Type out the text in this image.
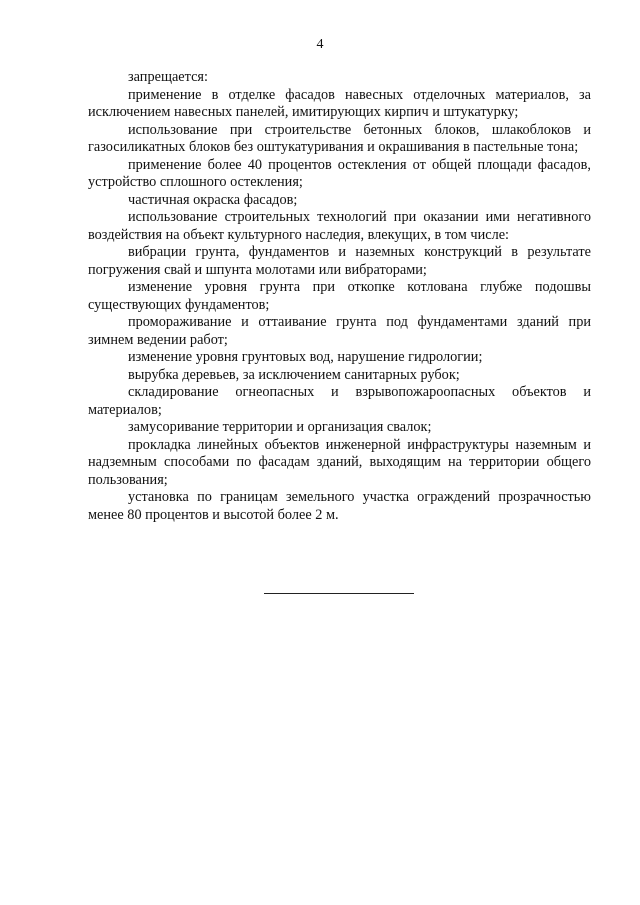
4

запрещается:

применение в отделке фасадов навесных отделочных материалов, за исключением навесных панелей, имитирующих кирпич и штукатурку;

использование при строительстве бетонных блоков, шлакоблоков и газосиликатных блоков без оштукатуривания и окрашивания в пастельные тона;

применение более 40 процентов остекления от общей площади фасадов, устройство сплошного остекления;

частичная окраска фасадов;

использование строительных технологий при оказании ими негативного воздействия на объект культурного наследия, влекущих, в том числе:

вибрации грунта, фундаментов и наземных конструкций в результате погружения свай и шпунта молотами или вибраторами;

изменение уровня грунта при откопке котлована глубже подошвы существующих фундаментов;

промораживание и оттаивание грунта под фундаментами зданий при зимнем ведении работ;

изменение уровня грунтовых вод, нарушение гидрологии;

вырубка деревьев, за исключением санитарных рубок;

складирование огнеопасных и взрывопожароопасных объектов и материалов;

замусоривание территории и организация свалок;

прокладка линейных объектов инженерной инфраструктуры наземным и надземным способами по фасадам зданий, выходящим на территории общего пользования;

установка по границам земельного участка ограждений прозрачностью менее 80 процентов и высотой более 2 м.
